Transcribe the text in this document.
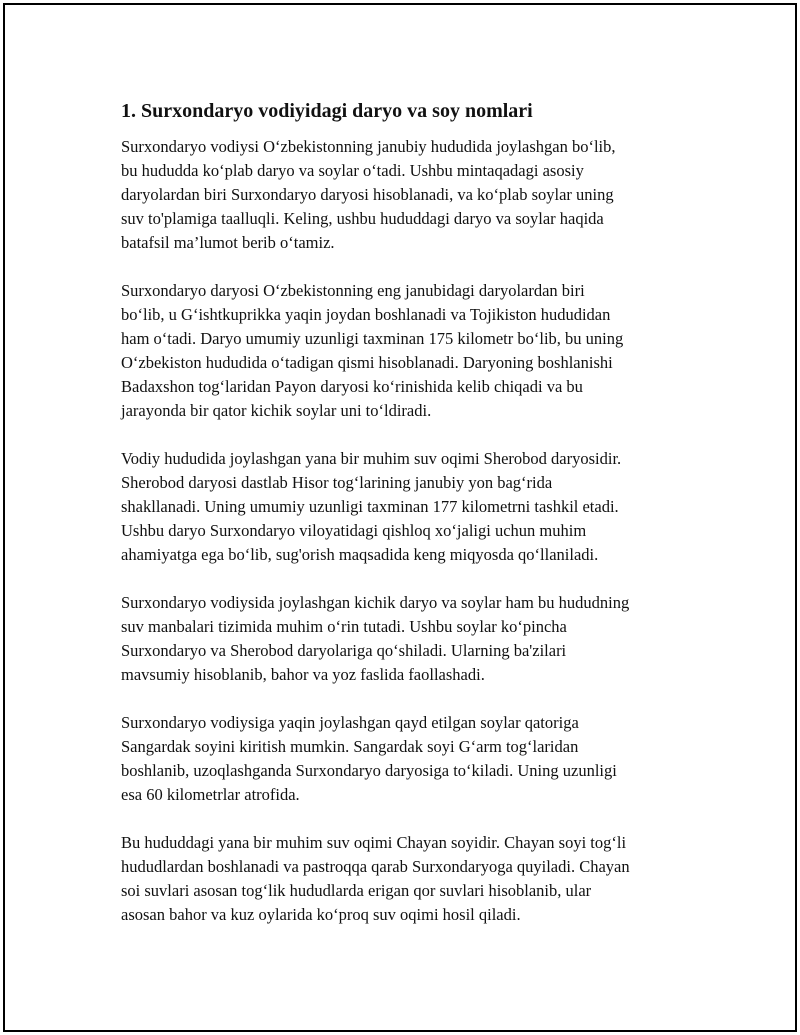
1. Surxondaryo vodiyidagi daryo va soy nomlari

Surxondaryo vodiysi O‘zbekistonning janubiy hududida joylashgan bo‘lib,
bu hududda ko‘plab daryo va soylar o‘tadi. Ushbu mintaqadagi asosiy
daryolardan biri Surxondaryo daryosi hisoblanadi, va ko‘plab soylar uning
suv to'plamiga taalluqli. Keling, ushbu hududdagi daryo va soylar haqida
batafsil ma’lumot berib o‘tamiz.

Surxondaryo daryosi O‘zbekistonning eng janubidagi daryolardan biri
bo‘lib, u G‘ishtkuprikka yaqin joydan boshlanadi va Tojikiston hududidan
ham o‘tadi. Daryo umumiy uzunligi taxminan 175 kilometr bo‘lib, bu uning
O‘zbekiston hududida o‘tadigan qismi hisoblanadi. Daryoning boshlanishi
Badaxshon tog‘laridan Payon daryosi ko‘rinishida kelib chiqadi va bu
jarayonda bir qator kichik soylar uni to‘ldiradi.

Vodiy hududida joylashgan yana bir muhim suv oqimi Sherobod daryosidir.
Sherobod daryosi dastlab Hisor tog‘larining janubiy yon bag‘rida
shakllanadi. Uning umumiy uzunligi taxminan 177 kilometrni tashkil etadi.
Ushbu daryo Surxondaryo viloyatidagi qishloq xo‘jaligi uchun muhim
ahamiyatga ega bo‘lib, sug'orish maqsadida keng miqyosda qo‘llaniladi.

Surxondaryo vodiysida joylashgan kichik daryo va soylar ham bu hududning
suv manbalari tizimida muhim o‘rin tutadi. Ushbu soylar ko‘pincha
Surxondaryo va Sherobod daryolariga qo‘shiladi. Ularning ba'zilari
mavsumiy hisoblanib, bahor va yoz faslida faollashadi.

Surxondaryo vodiysiga yaqin joylashgan qayd etilgan soylar qatoriga
Sangardak soyini kiritish mumkin. Sangardak soyi G‘arm tog‘laridan
boshlanib, uzoqlashganda Surxondaryo daryosiga to‘kiladi. Uning uzunligi
esa 60 kilometrlar atrofida.

Bu hududdagi yana bir muhim suv oqimi Chayan soyidir. Chayan soyi tog‘li
hududlardan boshlanadi va pastroqqa qarab Surxondaryoga quyiladi. Chayan
soi suvlari asosan tog‘lik hududlarda erigan qor suvlari hisoblanib, ular
asosan bahor va kuz oylarida ko‘proq suv oqimi hosil qiladi.
